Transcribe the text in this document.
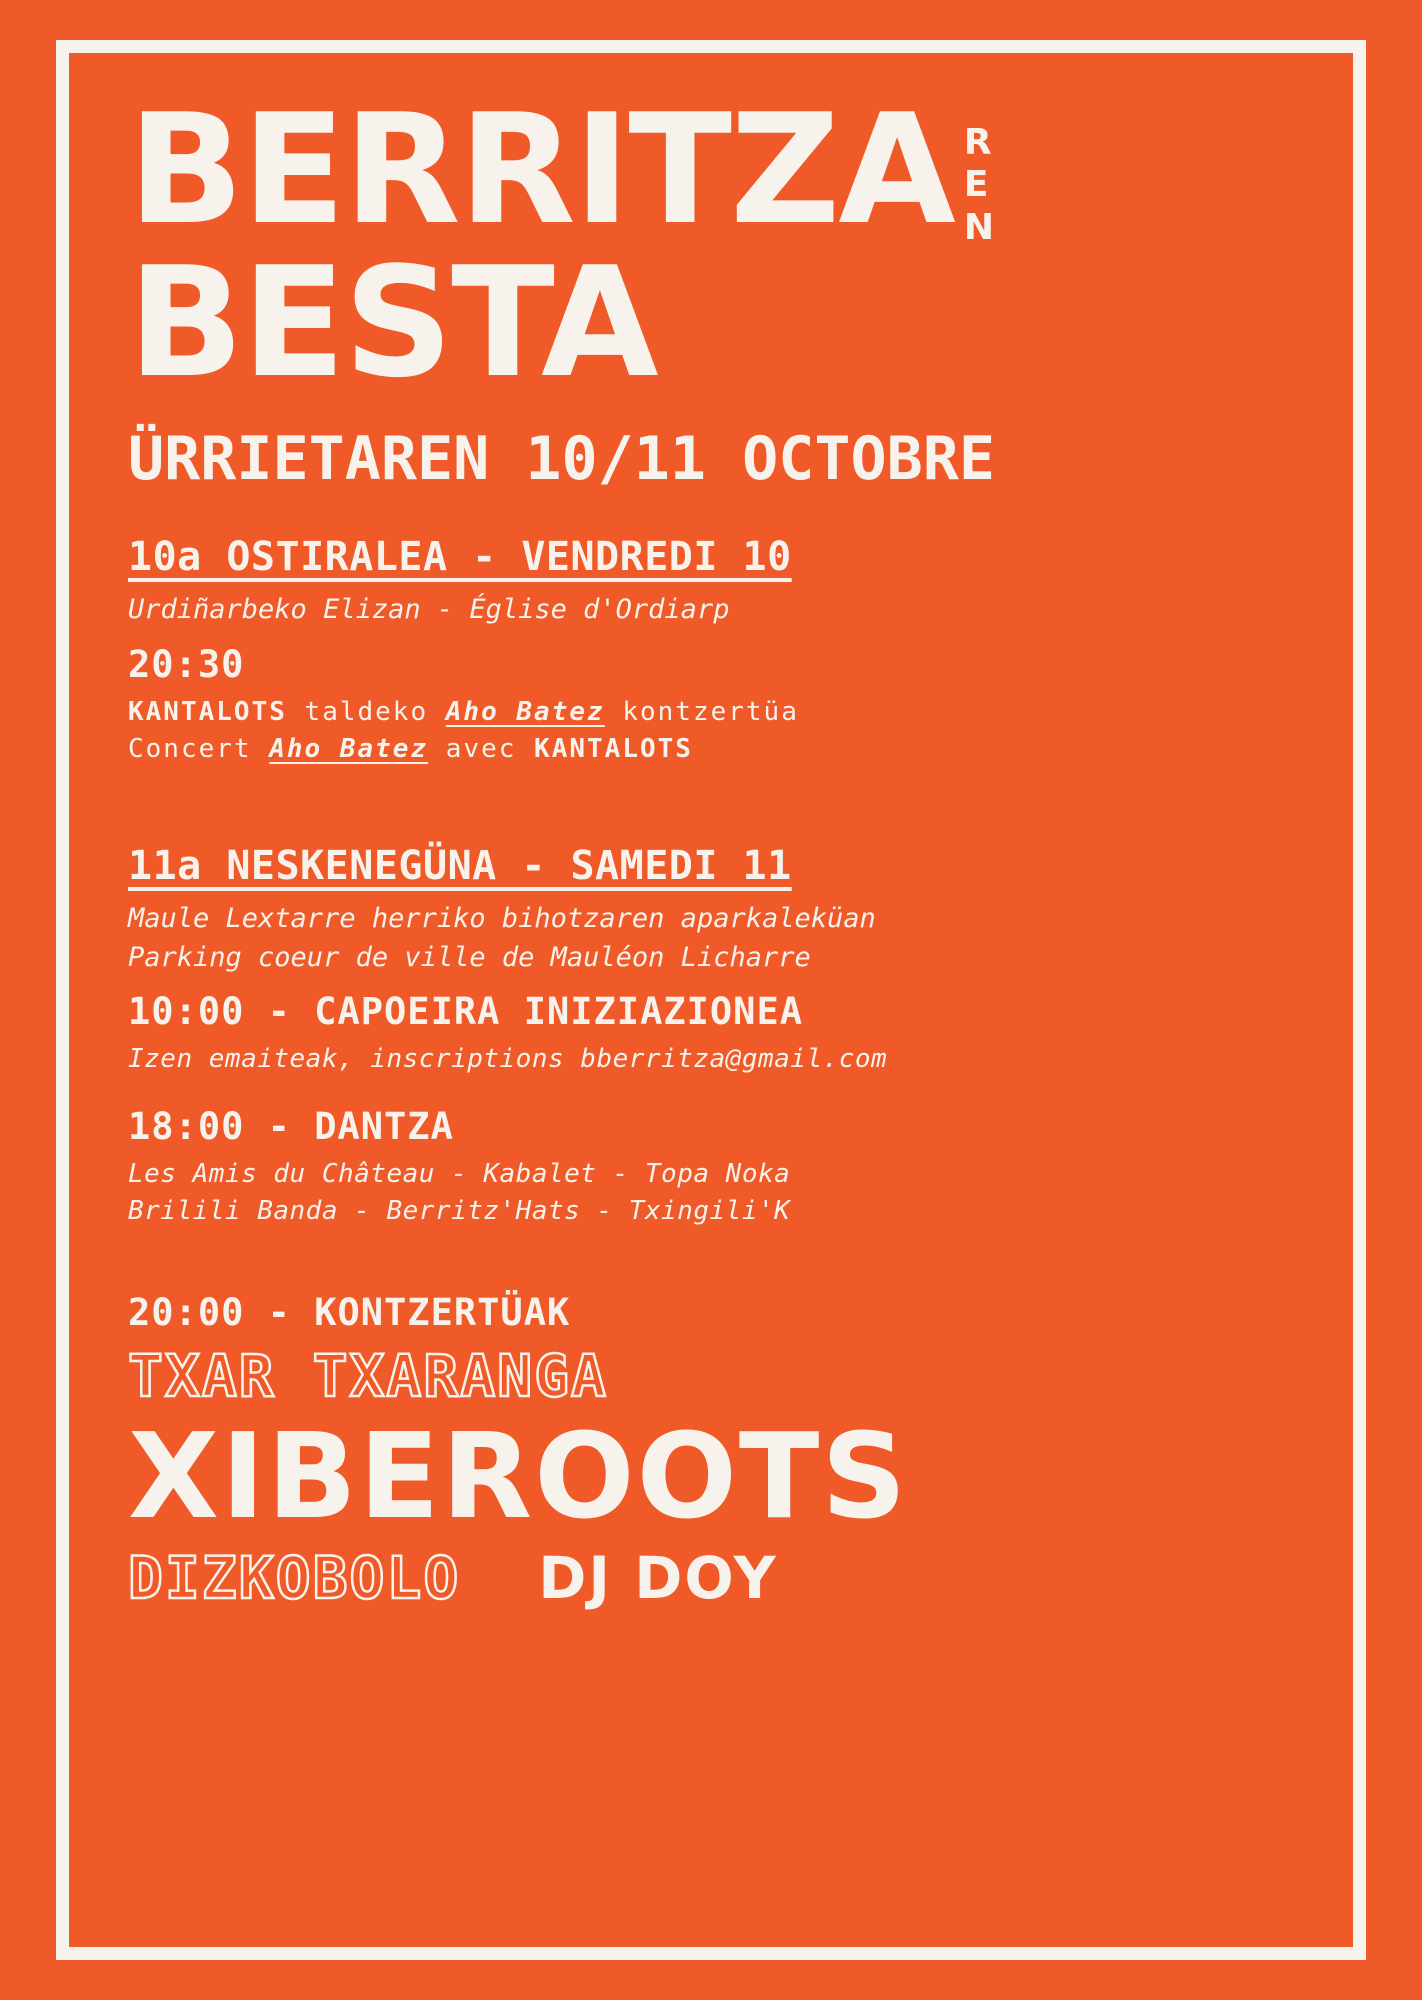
BERRITZA R
E
N
BESTA
ÜRRIETAREN 10/11 OCTOBRE
10a OSTIRALEA - VENDREDI 10
Urdiñarbeko Elizan - Église d'Ordiarp
20:30
KANTALOTS taldeko Aho Batez kontzertüa
Concert Aho Batez avec KANTALOTS
11a NESKENEGÜNA - SAMEDI 11
Maule Lextarre herriko bihotzaren aparkaleküan
Parking coeur de ville de Mauléon Licharre
10:00 - CAPOEIRA INIZIAZIONEA
Izen emaiteak, inscriptions bberritza@gmail.com
18:00 - DANTZA
Les Amis du Château - Kabalet - Topa Noka
Brilili Banda - Berritz'Hats - Txingili'K
20:00 - KONTZERTÜAK
TXAR TXARANGA
XIBEROOTS
DIZKOBOLO DJ DOY
